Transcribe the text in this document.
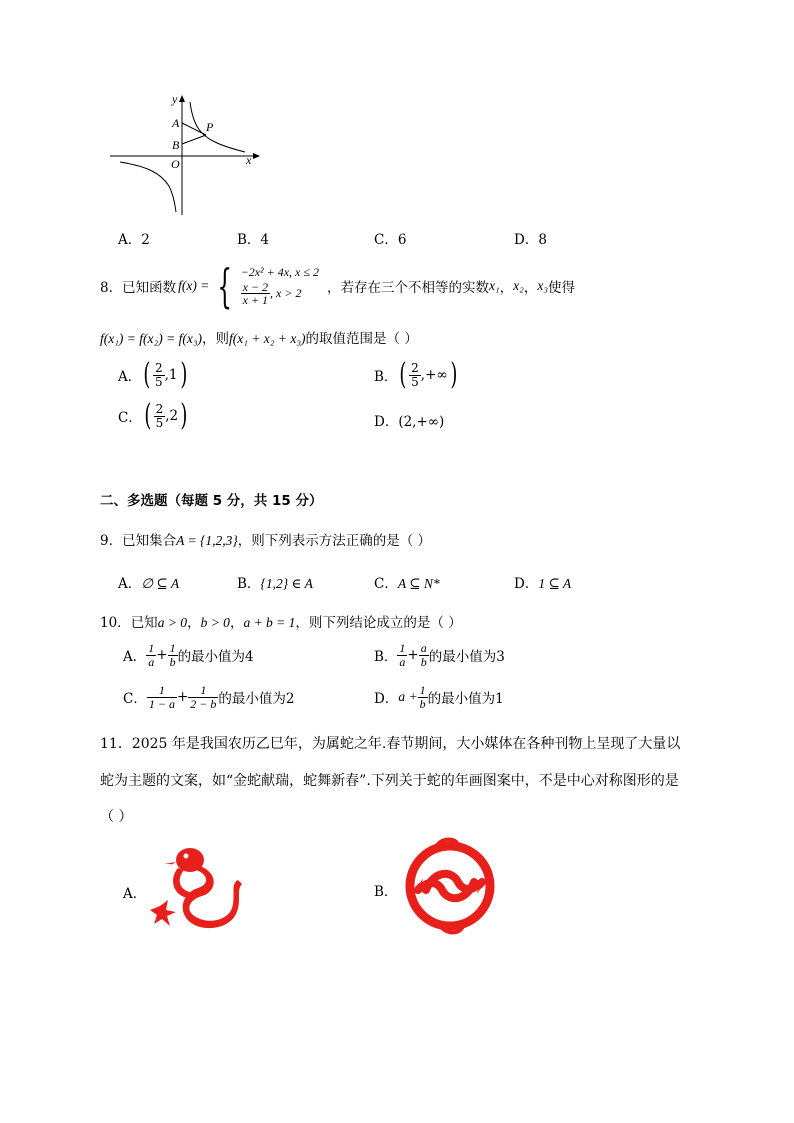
y
x
O
A
B
P
A．2	B．4	C．6	D．8
8． 已知函数 f(x) = { −2x² + 4x, x ≤ 2
$\frac{x - 2}{x + 1}$ , x > 2 ，若存在三个不相等的实数 x₁ ， x₂ ， x₃ 使得
f(x₁) = f(x₂) = f(x₃)，则f(x₁ + x₂ + x₃)的取值范围是（ ）
A． ( $\frac{2}{5} ,1$ )	B． ( $\frac{2}{5}$ ,+∞ )
C． ( $\frac{2}{5} ,2$ )	D．(2,+∞)
二、多选题（每题 5 分，共 15 分）
9．已知集合A = {1,2,3}，则下列表示方法正确的是（ ）
A．∅ ⊆ A	B．{1,2} ∈ A	C．A ⊆ N*	D．1 ⊆ A
10．已知a > 0，b > 0，a + b = 1，则下列结论成立的是（ ）
A． $\frac{1}{a} + \frac{1}{b}$ 的最小值为4	B． $\frac{1}{a} + \frac{a}{b}$ 的最小值为3
C． $\frac{1}{1 - a} + \frac{1}{2 - b}$ 的最小值为2	D． $a + \frac{1}{b}$ 的最小值为1
11．2025 年是我国农历乙巳年，为属蛇之年.春节期间，大小媒体在各种刊物上呈现了大量以
蛇为主题的文案，如“金蛇献瑞，蛇舞新春”.下列关于蛇的年画图案中，不是中心对称图形的是
（ ）
A．	B．
